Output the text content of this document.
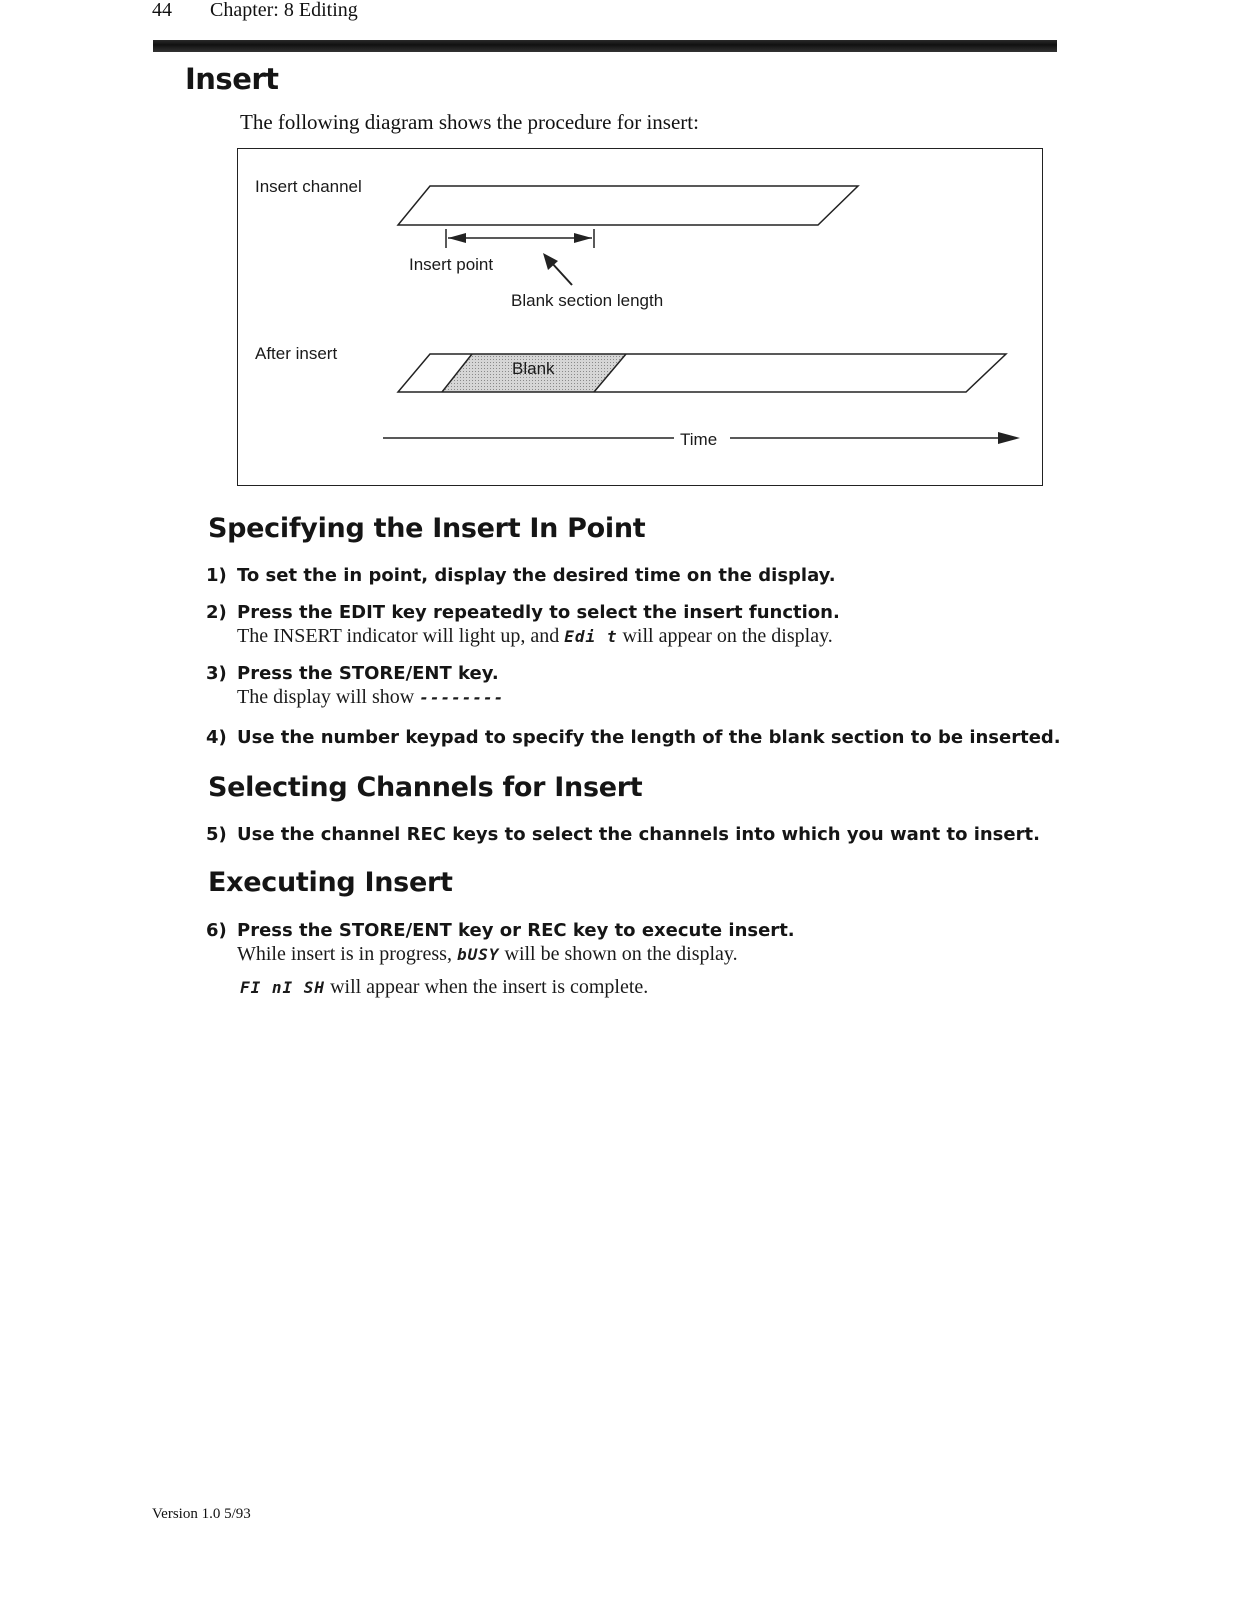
44 Chapter: 8 Editing
Insert
The following diagram shows the procedure for insert:
Insert channel
Insert point
Blank section length
After insert
Blank
Time
Specifying the Insert In Point
1) To set the in point, display the desired time on the display.
2) Press the EDIT key repeatedly to select the insert function.
The INSERT indicator will light up, and Edi t will appear on the display.
3) Press the STORE/ENT key.
The display will show --------
4) Use the number keypad to specify the length of the blank section to be inserted.
Selecting Channels for Insert
5) Use the channel REC keys to select the channels into which you want to insert.
Executing Insert
6) Press the STORE/ENT key or REC key to execute insert.
While insert is in progress, bUSY will be shown on the display.
FI nI SH will appear when the insert is complete.
Version 1.0 5/93
